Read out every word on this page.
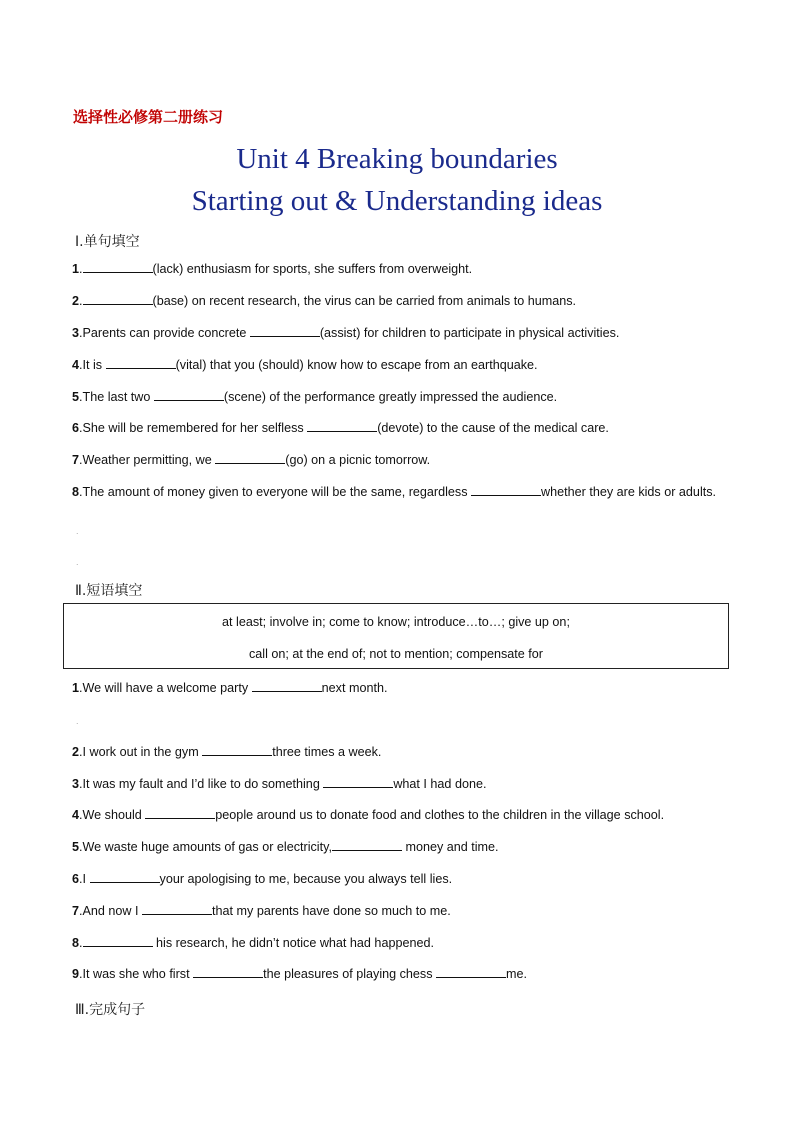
选择性必修第二册练习
Unit 4 Breaking boundaries
Starting out & Understanding ideas
Ⅰ.单句填空
1.	(lack) enthusiasm for sports, she suffers from overweight.
2.	(base) on recent research, the virus can be carried from animals to humans.
3.Parents can provide concrete	(assist) for children to participate in physical activities.
4.It is	(vital) that you (should) know how to escape from an earthquake.
5.The last two	(scene) of the performance greatly impressed the audience.
6.She will be remembered for her selfless	(devote) to the cause of the medical care.
7.Weather permitting, we	(go) on a picnic tomorrow.
8.The amount of money given to everyone will be the same, regardless	whether they are kids or adults.
.
.
Ⅱ.短语填空
at least; involve in; come to know; introduce…to…; give up on;
call on; at the end of; not to mention; compensate for
1.We will have a welcome party	next month.
.
2.I work out in the gym	three times a week.
3.It was my fault and I’d like to do something	what I had done.
4.We should	people around us to donate food and clothes to the children in the village school.
5.We waste huge amounts of gas or electricity,	money and time.
6.I	your apologising to me, because you always tell lies.
7.And now I	that my parents have done so much to me.
8.	his research, he didn’t notice what had happened.
9.It was she who first	the pleasures of playing chess	me.
Ⅲ.完成句子
